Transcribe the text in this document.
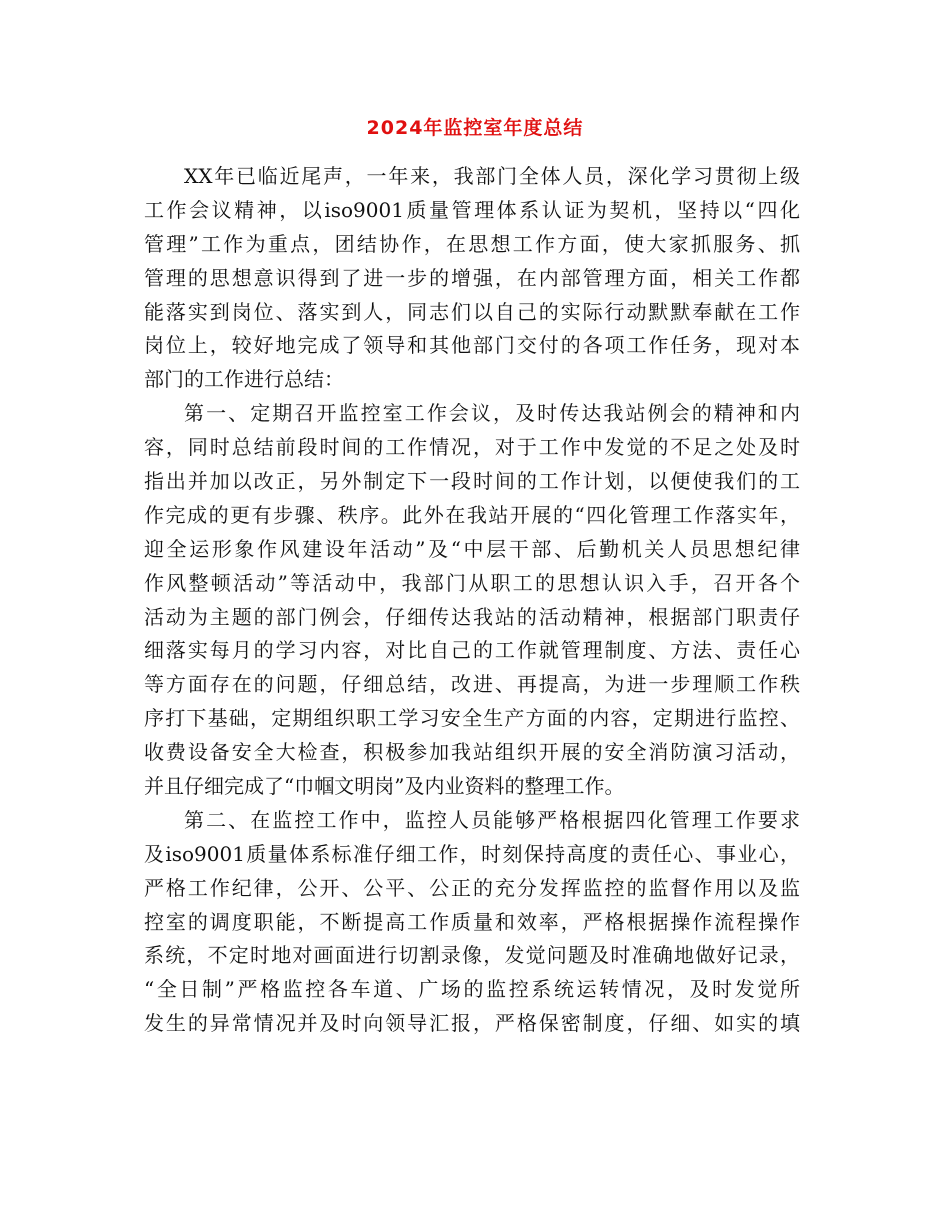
2024年监控室年度总结
XX年已临近尾声，一年来，我部门全体人员，深化学习贯彻上级
工作会议精神，以iso9001质量管理体系认证为契机，坚持以“四化
管理”工作为重点，团结协作，在思想工作方面，使大家抓服务、抓
管理的思想意识得到了进一步的增强，在内部管理方面，相关工作都
能落实到岗位、落实到人，同志们以自己的实际行动默默奉献在工作
岗位上，较好地完成了领导和其他部门交付的各项工作任务，现对本
部门的工作进行总结：
第一、定期召开监控室工作会议，及时传达我站例会的精神和内
容，同时总结前段时间的工作情况，对于工作中发觉的不足之处及时
指出并加以改正，另外制定下一段时间的工作计划，以便使我们的工
作完成的更有步骤、秩序。此外在我站开展的“四化管理工作落实年，
迎全运形象作风建设年活动”及“中层干部、后勤机关人员思想纪律
作风整顿活动”等活动中，我部门从职工的思想认识入手，召开各个
活动为主题的部门例会，仔细传达我站的活动精神，根据部门职责仔
细落实每月的学习内容，对比自己的工作就管理制度、方法、责任心
等方面存在的问题，仔细总结，改进、再提高，为进一步理顺工作秩
序打下基础，定期组织职工学习安全生产方面的内容，定期进行监控、
收费设备安全大检查，积极参加我站组织开展的安全消防演习活动，
并且仔细完成了“巾帼文明岗”及内业资料的整理工作。
第二、在监控工作中，监控人员能够严格根据四化管理工作要求
及iso9001质量体系标准仔细工作，时刻保持高度的责任心、事业心，
严格工作纪律，公开、公平、公正的充分发挥监控的监督作用以及监
控室的调度职能，不断提高工作质量和效率，严格根据操作流程操作
系统，不定时地对画面进行切割录像，发觉问题及时准确地做好记录，
“全日制”严格监控各车道、广场的监控系统运转情况，及时发觉所
发生的异常情况并及时向领导汇报，严格保密制度，仔细、如实的填
